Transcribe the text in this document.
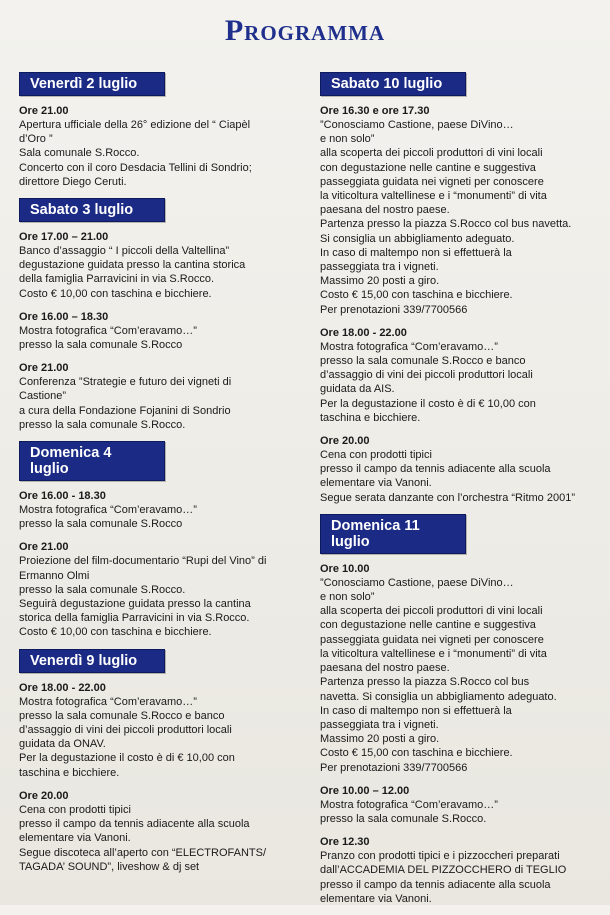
Programma
Venerdì 2 luglio
Ore 21.00
Apertura ufficiale della 26° edizione del “ Ciapèl
d’Oro ”
Sala comunale S.Rocco.
Concerto con il coro Desdacia Tellini di Sondrio;
direttore Diego Ceruti.
Sabato 3 luglio
Ore 17.00 – 21.00
Banco d’assaggio “ I piccoli della Valtellina”
degustazione guidata presso la cantina storica
della famiglia Parravicini in via S.Rocco.
Costo € 10,00 con taschina e bicchiere.
Ore 16.00 – 18.30
Mostra fotografica “Com’eravamo…”
presso la sala comunale S.Rocco
Ore 21.00
Conferenza ”Strategie e futuro dei vigneti di
Castione”
a cura della Fondazione Fojanini di Sondrio
presso la sala comunale S.Rocco.
Domenica 4 luglio
Ore 16.00 - 18.30
Mostra fotografica “Com’eravamo…”
presso la sala comunale S.Rocco
Ore 21.00
Proiezione del film-documentario “Rupi del Vino” di
Ermanno Olmi
presso la sala comunale S.Rocco.
Seguirà degustazione guidata presso la cantina
storica della famiglia Parravicini in via S.Rocco.
Costo € 10,00 con taschina e bicchiere.
Venerdì 9 luglio
Ore 18.00 - 22.00
Mostra fotografica “Com’eravamo…”
presso la sala comunale S.Rocco e banco
d’assaggio di vini dei piccoli produttori locali
guidata da ONAV.
Per la degustazione il costo è di € 10,00 con
taschina e bicchiere.
Ore 20.00
Cena con prodotti tipici
presso il campo da tennis adiacente alla scuola
elementare via Vanoni.
Segue discoteca all’aperto con “ELECTROFANTS/
TAGADA’ SOUND”, liveshow & dj set
Sabato 10 luglio
Ore 16.30 e ore 17.30
”Conosciamo Castione, paese DiVino…
e non solo”
alla scoperta dei piccoli produttori di vini locali
con degustazione nelle cantine e suggestiva
passeggiata guidata nei vigneti per conoscere
la viticoltura valtellinese e i “monumenti” di vita
paesana del nostro paese.
Partenza presso la piazza S.Rocco col bus navetta.
Si consiglia un abbigliamento adeguato.
In caso di maltempo non si effettuerà la
passeggiata tra i vigneti.
Massimo 20 posti a giro.
Costo € 15,00 con taschina e bicchiere.
Per prenotazioni 339/7700566
Ore 18.00 - 22.00
Mostra fotografica “Com’eravamo…”
presso la sala comunale S.Rocco e banco
d’assaggio di vini dei piccoli produttori locali
guidata da AIS.
Per la degustazione il costo è di € 10,00 con
taschina e bicchiere.
Ore 20.00
Cena con prodotti tipici
presso il campo da tennis adiacente alla scuola
elementare via Vanoni.
Segue serata danzante con l’orchestra “Ritmo 2001”
Domenica 11 luglio
Ore 10.00
”Conosciamo Castione, paese DiVino…
e non solo”
alla scoperta dei piccoli produttori di vini locali
con degustazione nelle cantine e suggestiva
passeggiata guidata nei vigneti per conoscere
la viticoltura valtellinese e i “monumenti” di vita
paesana del nostro paese.
Partenza presso la piazza S.Rocco col bus
navetta. Si consiglia un abbigliamento adeguato.
In caso di maltempo non si effettuerà la
passeggiata tra i vigneti.
Massimo 20 posti a giro.
Costo € 15,00 con taschina e bicchiere.
Per prenotazioni 339/7700566
Ore 10.00 – 12.00
Mostra fotografica “Com’eravamo…”
presso la sala comunale S.Rocco.
Ore 12.30
Pranzo con prodotti tipici e i pizzoccheri preparati
dall’ACCADEMIA DEL PIZZOCCHERO di TEGLIO
presso il campo da tennis adiacente alla scuola
elementare via Vanoni.
